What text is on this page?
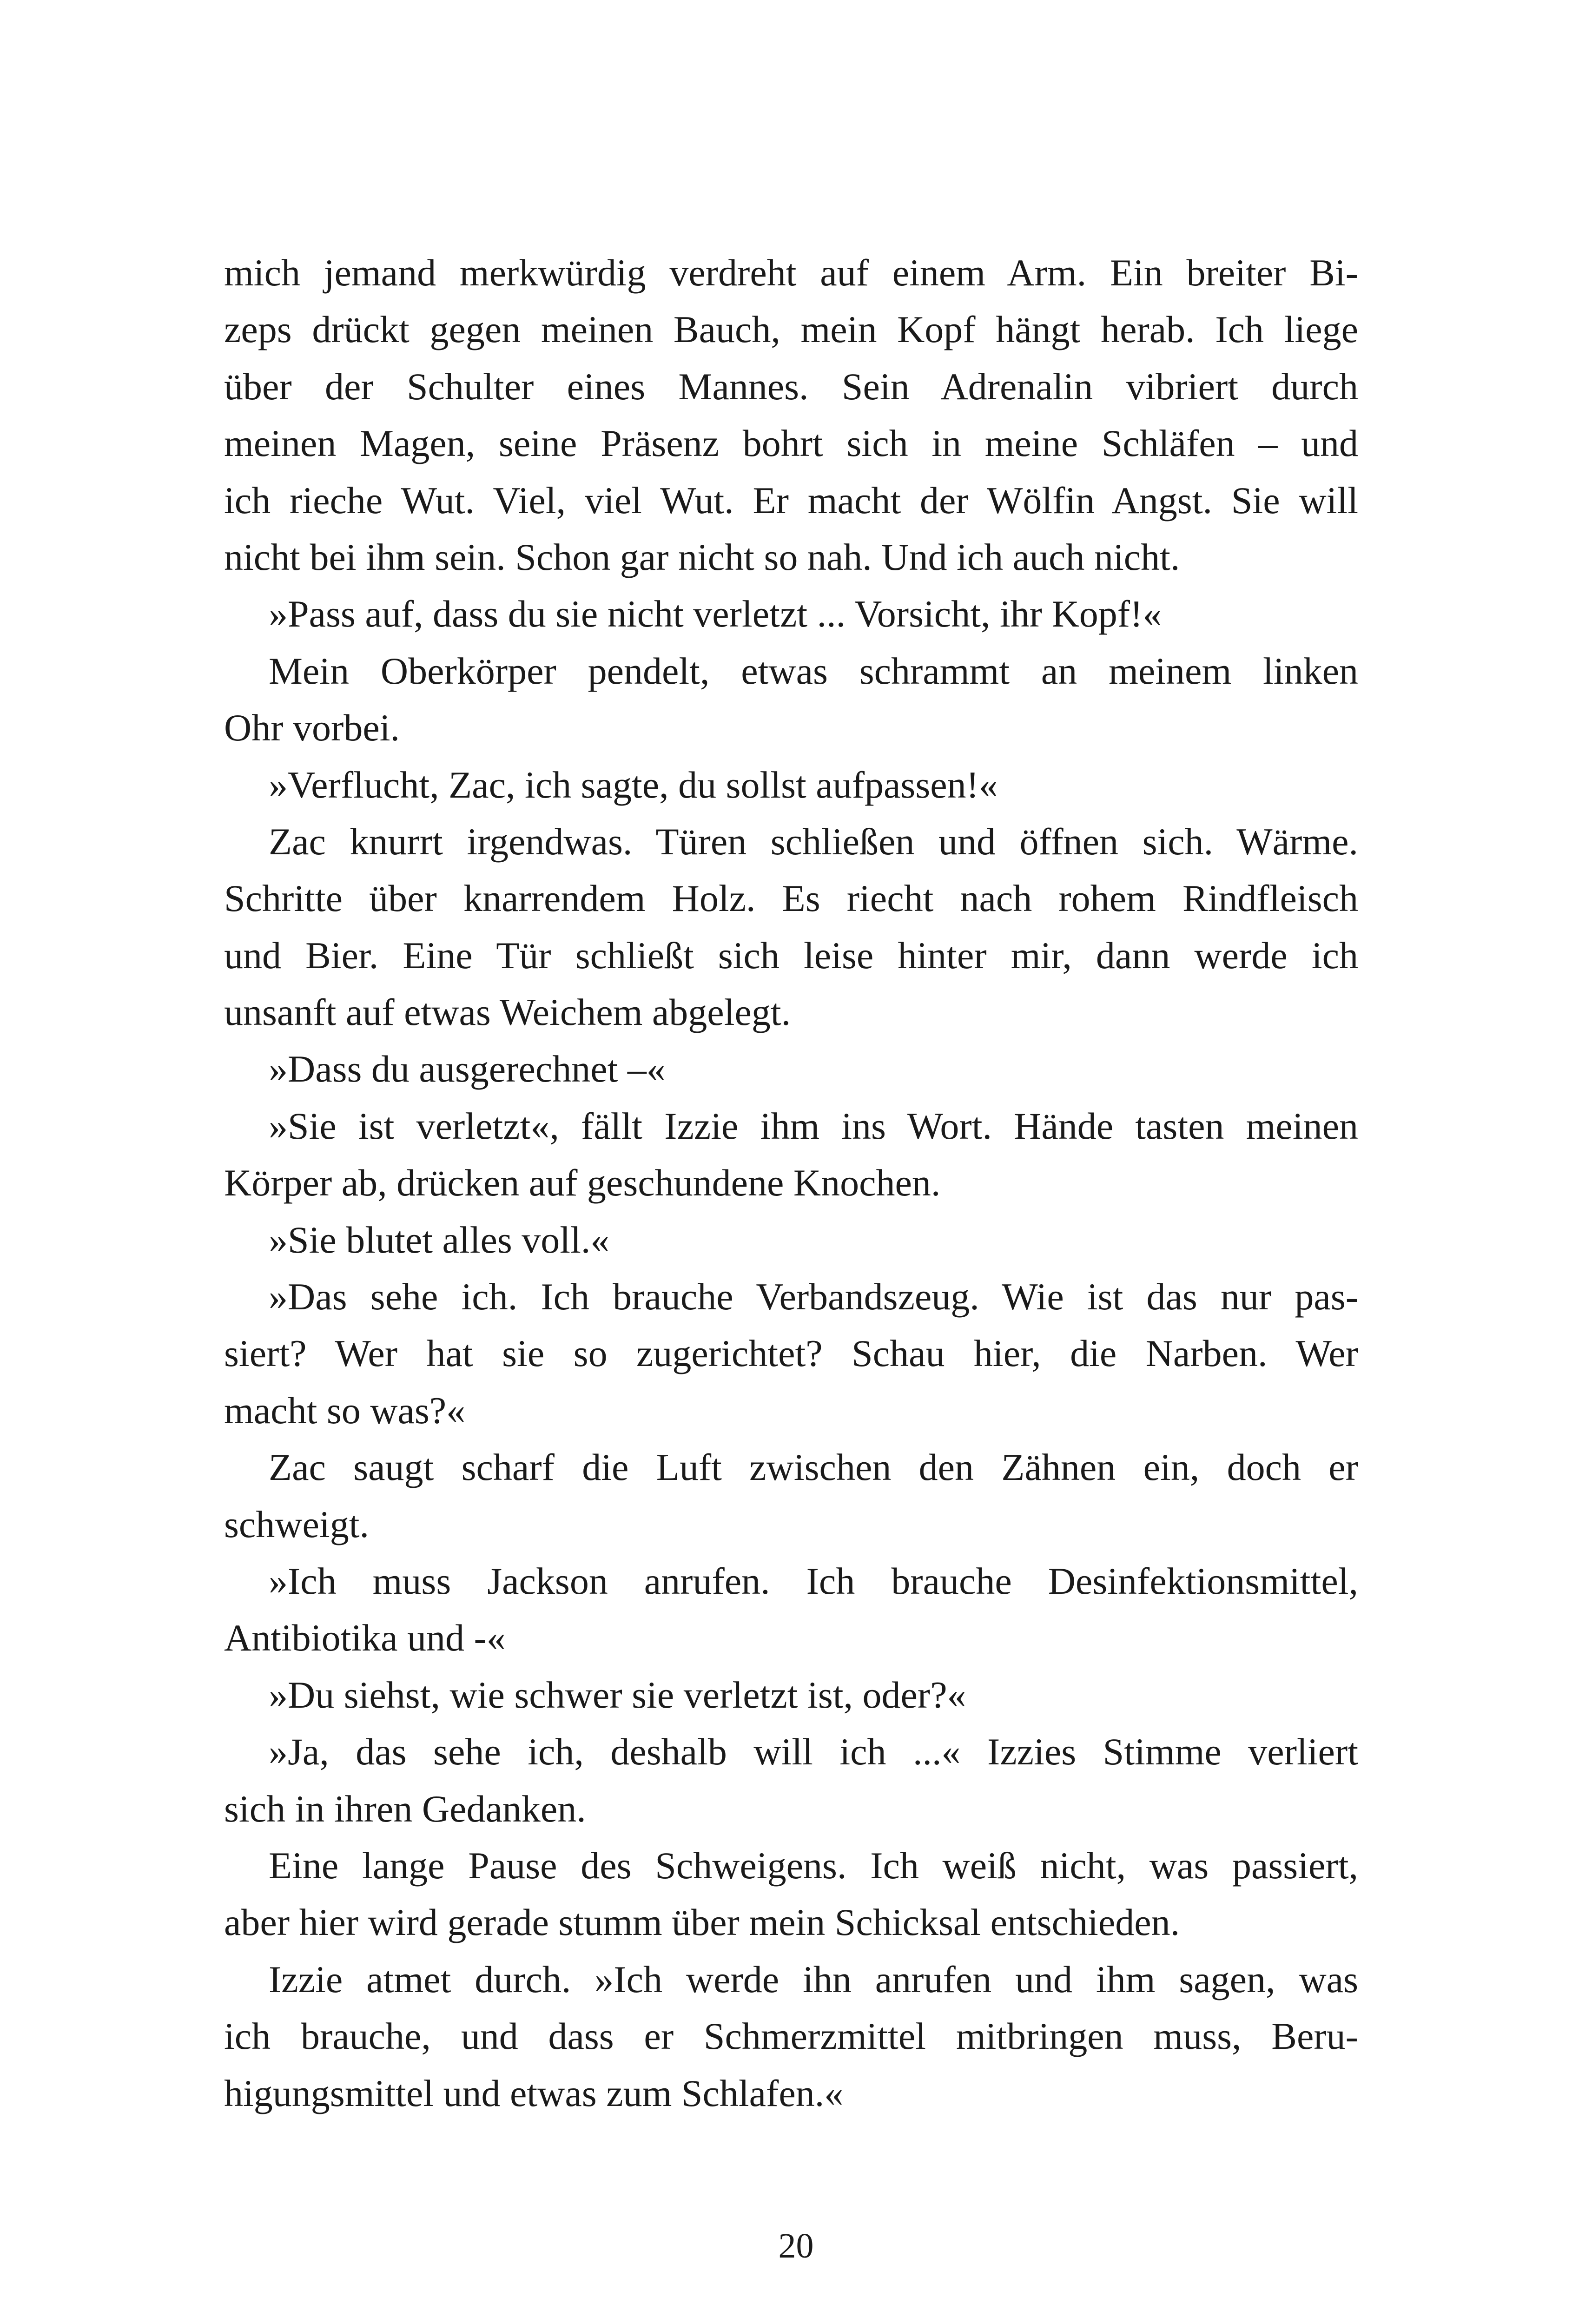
mich jemand merkwürdig verdreht auf einem Arm. Ein breiter Bi-
zeps drückt gegen meinen Bauch, mein Kopf hängt herab. Ich liege
über der Schulter eines Mannes. Sein Adrenalin vibriert durch
meinen Magen, seine Präsenz bohrt sich in meine Schläfen – und
ich rieche Wut. Viel, viel Wut. Er macht der Wölfin Angst. Sie will
nicht bei ihm sein. Schon gar nicht so nah. Und ich auch nicht.
»Pass auf, dass du sie nicht verletzt ... Vorsicht, ihr Kopf!«
Mein Oberkörper pendelt, etwas schrammt an meinem linken
Ohr vorbei.
»Verflucht, Zac, ich sagte, du sollst aufpassen!«
Zac knurrt irgendwas. Türen schließen und öffnen sich. Wärme.
Schritte über knarrendem Holz. Es riecht nach rohem Rindfleisch
und Bier. Eine Tür schließt sich leise hinter mir, dann werde ich
unsanft auf etwas Weichem abgelegt.
»Dass du ausgerechnet –«
»Sie ist verletzt«, fällt Izzie ihm ins Wort. Hände tasten meinen
Körper ab, drücken auf geschundene Knochen.
»Sie blutet alles voll.«
»Das sehe ich. Ich brauche Verbandszeug. Wie ist das nur pas-
siert? Wer hat sie so zugerichtet? Schau hier, die Narben. Wer
macht so was?«
Zac saugt scharf die Luft zwischen den Zähnen ein, doch er
schweigt.
»Ich muss Jackson anrufen. Ich brauche Desinfektionsmittel,
Antibiotika und -«
»Du siehst, wie schwer sie verletzt ist, oder?«
»Ja, das sehe ich, deshalb will ich ...« Izzies Stimme verliert
sich in ihren Gedanken.
Eine lange Pause des Schweigens. Ich weiß nicht, was passiert,
aber hier wird gerade stumm über mein Schicksal entschieden.
Izzie atmet durch. »Ich werde ihn anrufen und ihm sagen, was
ich brauche, und dass er Schmerzmittel mitbringen muss, Beru-
higungsmittel und etwas zum Schlafen.«
20
